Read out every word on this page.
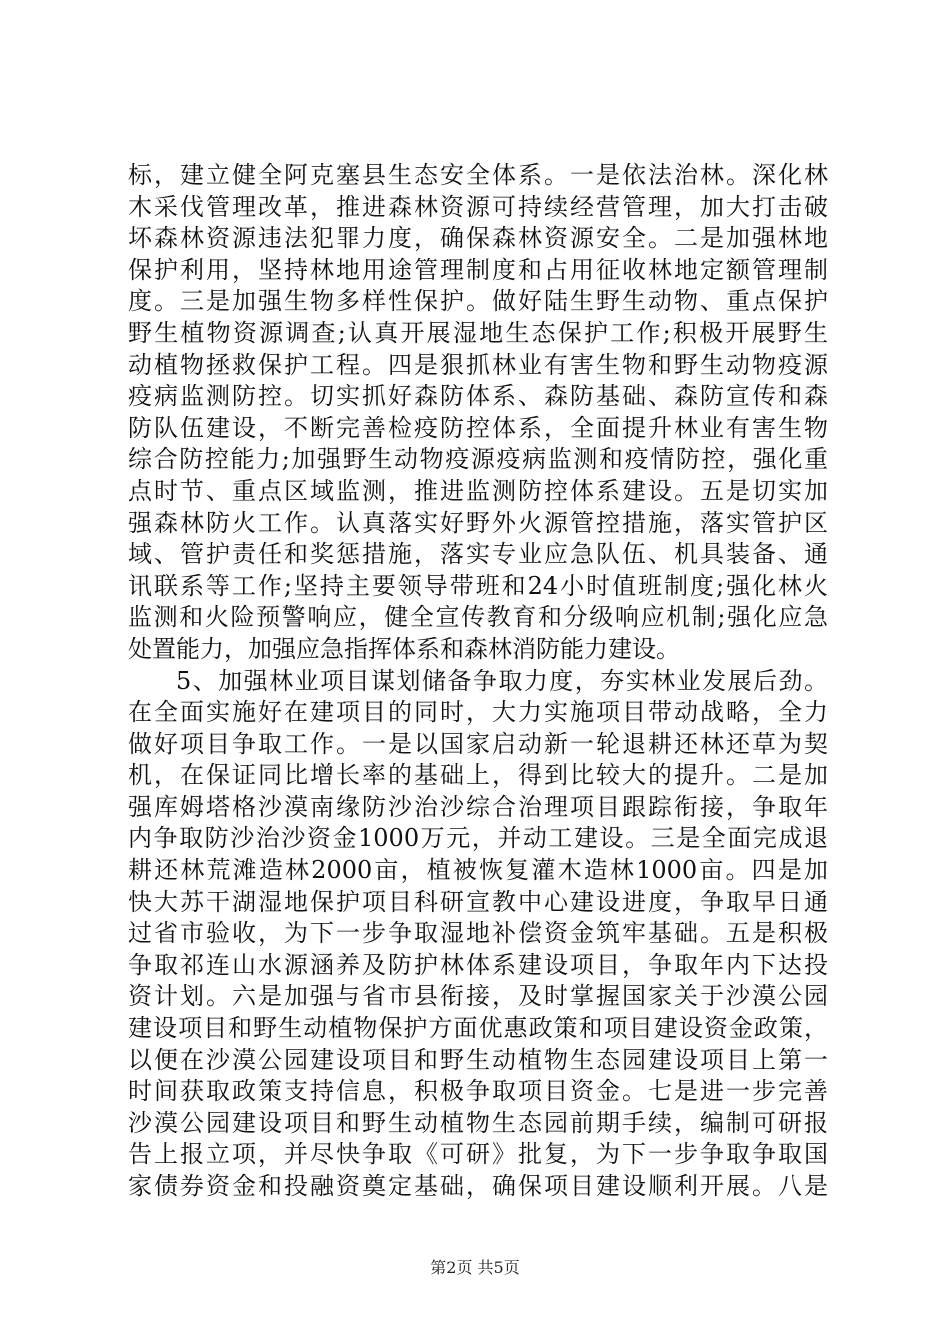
标，建立健全阿克塞县生态安全体系。一是依法治林。深化林
木采伐管理改革，推进森林资源可持续经营管理，加大打击破
坏森林资源违法犯罪力度，确保森林资源安全。二是加强林地
保护利用，坚持林地用途管理制度和占用征收林地定额管理制
度。三是加强生物多样性保护。做好陆生野生动物、重点保护
野生植物资源调查;认真开展湿地生态保护工作;积极开展野生
动植物拯救保护工程。四是狠抓林业有害生物和野生动物疫源
疫病监测防控。切实抓好森防体系、森防基础、森防宣传和森
防队伍建设，不断完善检疫防控体系，全面提升林业有害生物
综合防控能力;加强野生动物疫源疫病监测和疫情防控，强化重
点时节、重点区域监测，推进监测防控体系建设。五是切实加
强森林防火工作。认真落实好野外火源管控措施，落实管护区
域、管护责任和奖惩措施，落实专业应急队伍、机具装备、通
讯联系等工作;坚持主要领导带班和24小时值班制度;强化林火
监测和火险预警响应，健全宣传教育和分级响应机制;强化应急
处置能力，加强应急指挥体系和森林消防能力建设。
5、加强林业项目谋划储备争取力度，夯实林业发展后劲。
在全面实施好在建项目的同时，大力实施项目带动战略，全力
做好项目争取工作。一是以国家启动新一轮退耕还林还草为契
机，在保证同比增长率的基础上，得到比较大的提升。二是加
强库姆塔格沙漠南缘防沙治沙综合治理项目跟踪衔接，争取年
内争取防沙治沙资金1000万元，并动工建设。三是全面完成退
耕还林荒滩造林2000亩，植被恢复灌木造林1000亩。四是加
快大苏干湖湿地保护项目科研宣教中心建设进度，争取早日通
过省市验收，为下一步争取湿地补偿资金筑牢基础。五是积极
争取祁连山水源涵养及防护林体系建设项目，争取年内下达投
资计划。六是加强与省市县衔接，及时掌握国家关于沙漠公园
建设项目和野生动植物保护方面优惠政策和项目建设资金政策，
以便在沙漠公园建设项目和野生动植物生态园建设项目上第一
时间获取政策支持信息，积极争取项目资金。七是进一步完善
沙漠公园建设项目和野生动植物生态园前期手续，编制可研报
告上报立项，并尽快争取《可研》批复，为下一步争取争取国
家债券资金和投融资奠定基础，确保项目建设顺利开展。八是
第2页 共5页
